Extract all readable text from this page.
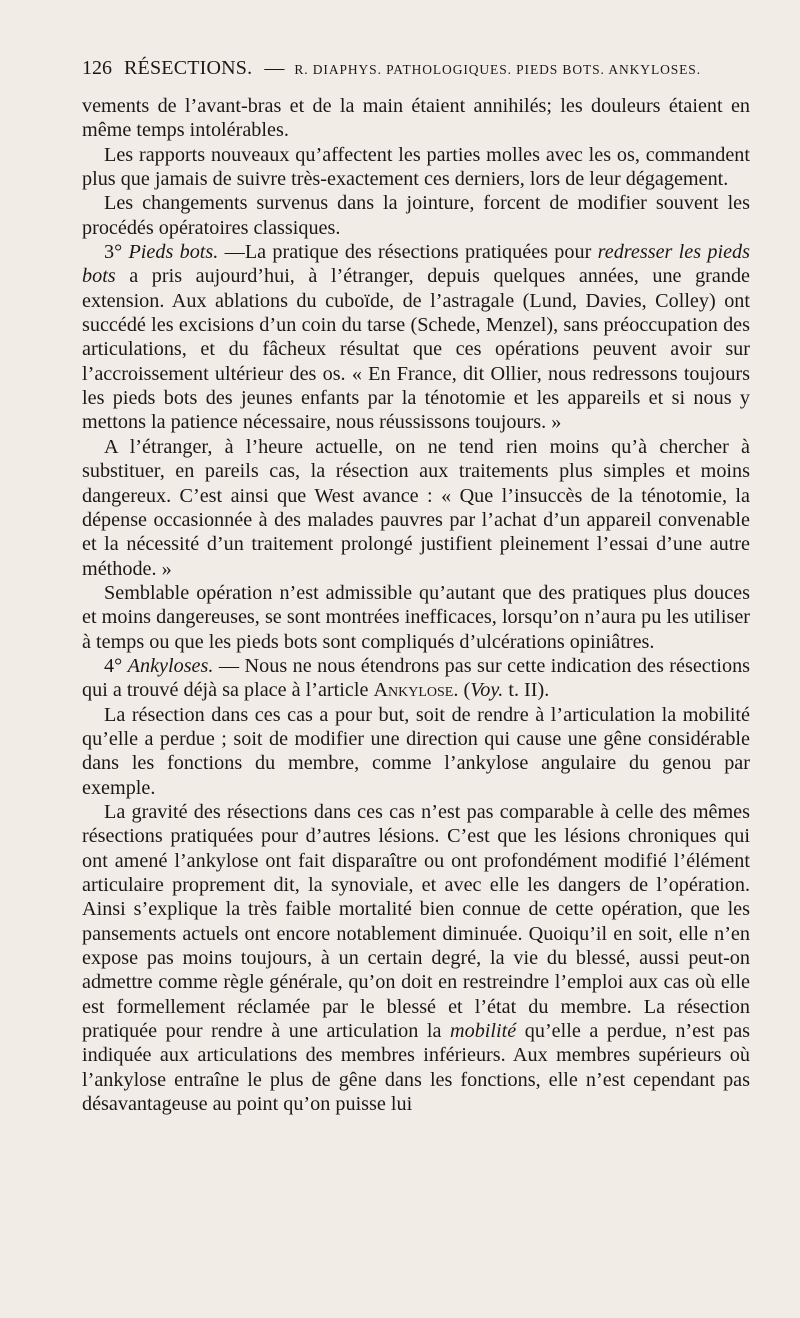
126 RÉSECTIONS. — R. DIAPHYS. PATHOLOGIQUES. PIEDS BOTS. ANKYLOSES.

vements de l’avant-bras et de la main étaient annihilés; les douleurs étaient en même temps intolérables.

Les rapports nouveaux qu’affectent les parties molles avec les os, commandent plus que jamais de suivre très-exactement ces derniers, lors de leur dégagement.

Les changements survenus dans la jointure, forcent de modifier souvent les procédés opératoires classiques.

3° Pieds bots. —La pratique des résections pratiquées pour redresser les pieds bots a pris aujourd’hui, à l’étranger, depuis quelques années, une grande extension. Aux ablations du cuboïde, de l’astragale (Lund, Davies, Colley) ont succédé les excisions d’un coin du tarse (Schede, Menzel), sans préoccupation des articulations, et du fâcheux résultat que ces opérations peuvent avoir sur l’accroissement ultérieur des os. « En France, dit Ollier, nous redressons toujours les pieds bots des jeunes enfants par la ténotomie et les appareils et si nous y mettons la patience nécessaire, nous réussissons toujours. »

A l’étranger, à l’heure actuelle, on ne tend rien moins qu’à chercher à substituer, en pareils cas, la résection aux traitements plus simples et moins dangereux. C’est ainsi que West avance : « Que l’insuccès de la ténotomie, la dépense occasionnée à des malades pauvres par l’achat d’un appareil convenable et la nécessité d’un traitement prolongé justifient pleinement l’essai d’une autre méthode. »

Semblable opération n’est admissible qu’autant que des pratiques plus douces et moins dangereuses, se sont montrées inefficaces, lorsqu’on n’aura pu les utiliser à temps ou que les pieds bots sont compliqués d’ulcérations opiniâtres.

4° Ankyloses. — Nous ne nous étendrons pas sur cette indication des résections qui a trouvé déjà sa place à l’article Ankylose. (Voy. t. II).

La résection dans ces cas a pour but, soit de rendre à l’articulation la mobilité qu’elle a perdue ; soit de modifier une direction qui cause une gêne considérable dans les fonctions du membre, comme l’ankylose angulaire du genou par exemple.

La gravité des résections dans ces cas n’est pas comparable à celle des mêmes résections pratiquées pour d’autres lésions. C’est que les lésions chroniques qui ont amené l’ankylose ont fait disparaître ou ont profondément modifié l’élément articulaire proprement dit, la synoviale, et avec elle les dangers de l’opération. Ainsi s’explique la très faible mortalité bien connue de cette opération, que les pansements actuels ont encore notablement diminuée. Quoiqu’il en soit, elle n’en expose pas moins toujours, à un certain degré, la vie du blessé, aussi peut-on admettre comme règle générale, qu’on doit en restreindre l’emploi aux cas où elle est formellement réclamée par le blessé et l’état du membre. La résection pratiquée pour rendre à une articulation la mobilité qu’elle a perdue, n’est pas indiquée aux articulations des membres inférieurs. Aux membres supérieurs où l’ankylose entraîne le plus de gêne dans les fonctions, elle n’est cependant pas désavantageuse au point qu’on puisse lui
